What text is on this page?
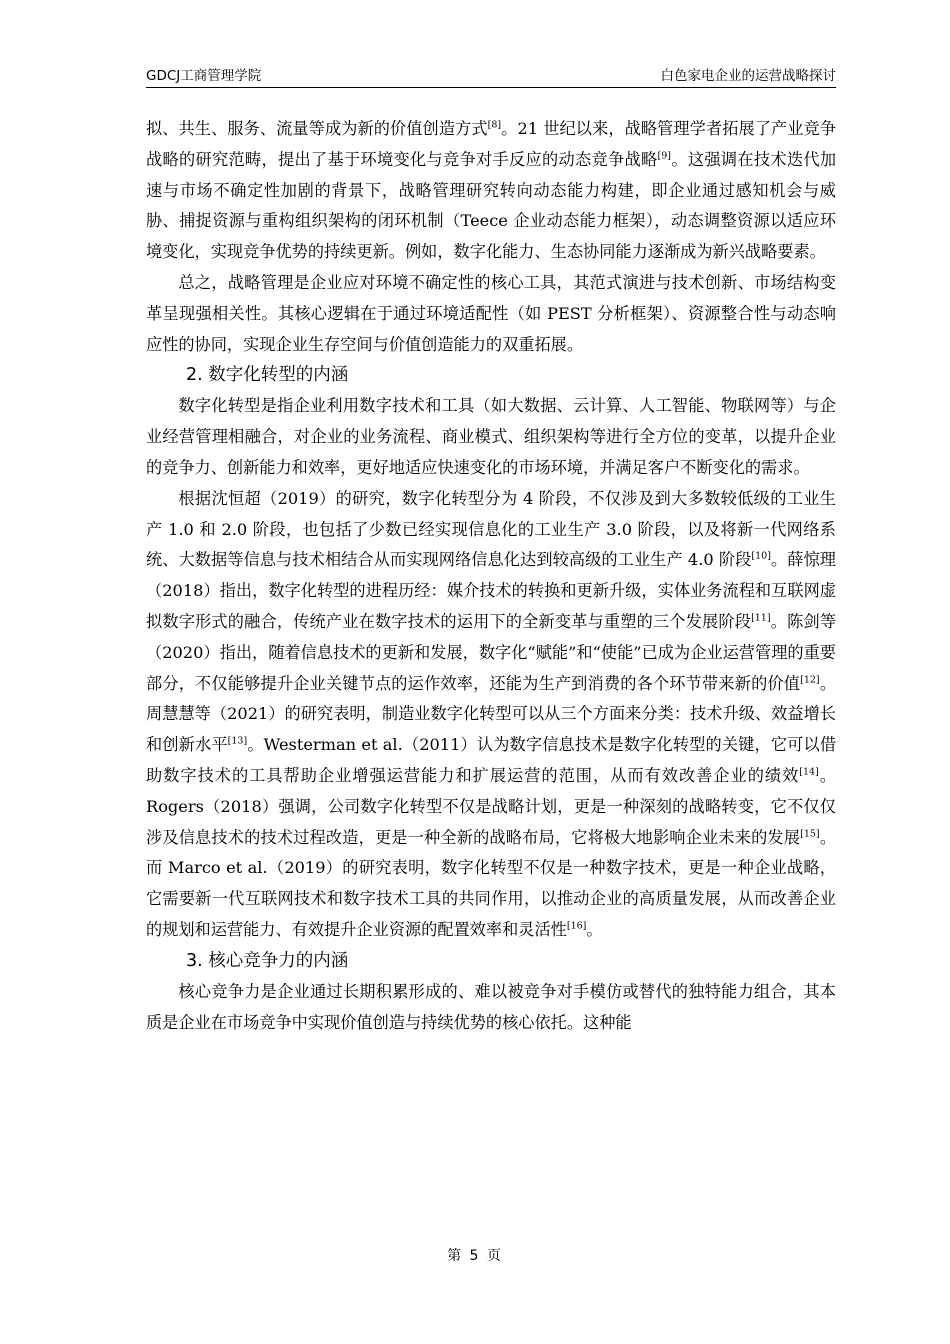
GDCJ工商管理学院	白色家电企业的运营战略探讨

拟、共生、服务、流量等成为新的价值创造方式[8]。21 世纪以来，战略管理学者拓展了产业竞争战略的研究范畴，提出了基于环境变化与竞争对手反应的动态竞争战略[9]。这强调在技术迭代加速与市场不确定性加剧的背景下，战略管理研究转向动态能力构建，即企业通过感知机会与威胁、捕捉资源与重构组织架构的闭环机制（Teece 企业动态能力框架），动态调整资源以适应环境变化，实现竞争优势的持续更新。例如，数字化能力、生态协同能力逐渐成为新兴战略要素。

总之，战略管理是企业应对环境不确定性的核心工具，其范式演进与技术创新、市场结构变革呈现强相关性。其核心逻辑在于通过环境适配性（如 PEST 分析框架）、资源整合性与动态响应性的协同，实现企业生存空间与价值创造能力的双重拓展。

2. 数字化转型的内涵

数字化转型是指企业利用数字技术和工具（如大数据、云计算、人工智能、物联网等）与企业经营管理相融合，对企业的业务流程、商业模式、组织架构等进行全方位的变革，以提升企业的竞争力、创新能力和效率，更好地适应快速变化的市场环境，并满足客户不断变化的需求。

根据沈恒超（2019）的研究，数字化转型分为 4 阶段，不仅涉及到大多数较低级的工业生产 1.0 和 2.0 阶段，也包括了少数已经实现信息化的工业生产 3.0 阶段，以及将新一代网络系统、大数据等信息与技术相结合从而实现网络信息化达到较高级的工业生产 4.0 阶段[10]。薛惊理（2018）指出，数字化转型的进程历经：媒介技术的转换和更新升级，实体业务流程和互联网虚拟数字形式的融合，传统产业在数字技术的运用下的全新变革与重塑的三个发展阶段[11]。陈剑等（2020）指出，随着信息技术的更新和发展，数字化“赋能”和“使能”已成为企业运营管理的重要部分，不仅能够提升企业关键节点的运作效率，还能为生产到消费的各个环节带来新的价值[12]。周慧慧等（2021）的研究表明，制造业数字化转型可以从三个方面来分类：技术升级、效益增长和创新水平[13]。Westerman et al.（2011）认为数字信息技术是数字化转型的关键，它可以借助数字技术的工具帮助企业增强运营能力和扩展运营的范围，从而有效改善企业的绩效[14]。Rogers（2018）强调，公司数字化转型不仅是战略计划，更是一种深刻的战略转变，它不仅仅涉及信息技术的技术过程改造，更是一种全新的战略布局，它将极大地影响企业未来的发展[15]。而 Marco et al.（2019）的研究表明，数字化转型不仅是一种数字技术，更是一种企业战略，它需要新一代互联网技术和数字技术工具的共同作用，以推动企业的高质量发展，从而改善企业的规划和运营能力、有效提升企业资源的配置效率和灵活性[16]。

3. 核心竞争力的内涵

核心竞争力是企业通过长期积累形成的、难以被竞争对手模仿或替代的独特能力组合，其本质是企业在市场竞争中实现价值创造与持续优势的核心依托。这种能

第 5 页
